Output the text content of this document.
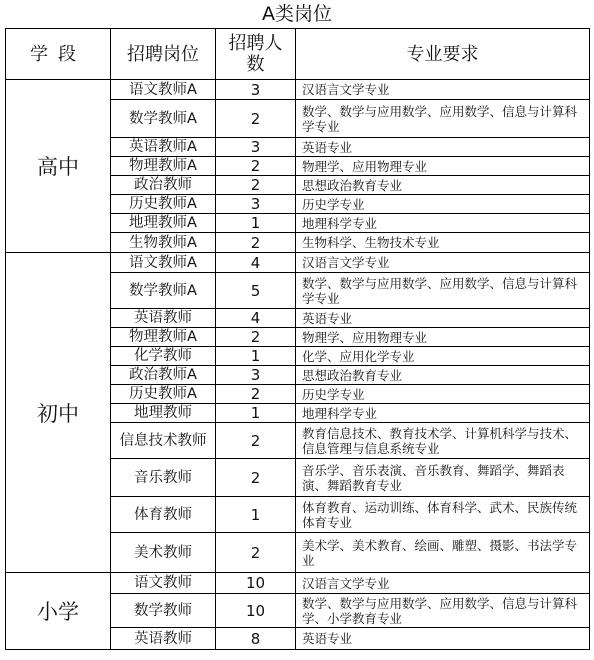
A类岗位
学段	招聘岗位	招聘人数	专业要求
高中	语文教师A	3	汉语言文学专业
	数学教师A	2	数学、数学与应用数学、应用数学、信息与计算科学专业
	英语教师A	3	英语专业
	物理教师A	2	物理学、应用物理专业
	政治教师	2	思想政治教育专业
	历史教师A	3	历史学专业
	地理教师A	1	地理科学专业
	生物教师A	2	生物科学、生物技术专业
初中	语文教师A	4	汉语言文学专业
	数学教师A	5	数学、数学与应用数学、应用数学、信息与计算科学专业
	英语教师	4	英语专业
	物理教师A	2	物理学、应用物理专业
	化学教师	1	化学、应用化学专业
	政治教师A	3	思想政治教育专业
	历史教师A	2	历史学专业
	地理教师	1	地理科学专业
	信息技术教师	2	教育信息技术、教育技术学、计算机科学与技术、信息管理与信息系统专业
	音乐教师	2	音乐学、音乐表演、音乐教育、舞蹈学、舞蹈表演、舞蹈教育专业
	体育教师	1	体育教育、运动训练、体育科学、武术、民族传统体育专业
	美术教师	2	美术学、美术教育、绘画、雕塑、摄影、书法学专业
小学	语文教师	10	汉语言文学专业
	数学教师	10	数学、数学与应用数学、应用数学、信息与计算科学、小学教育专业
	英语教师	8	英语专业
